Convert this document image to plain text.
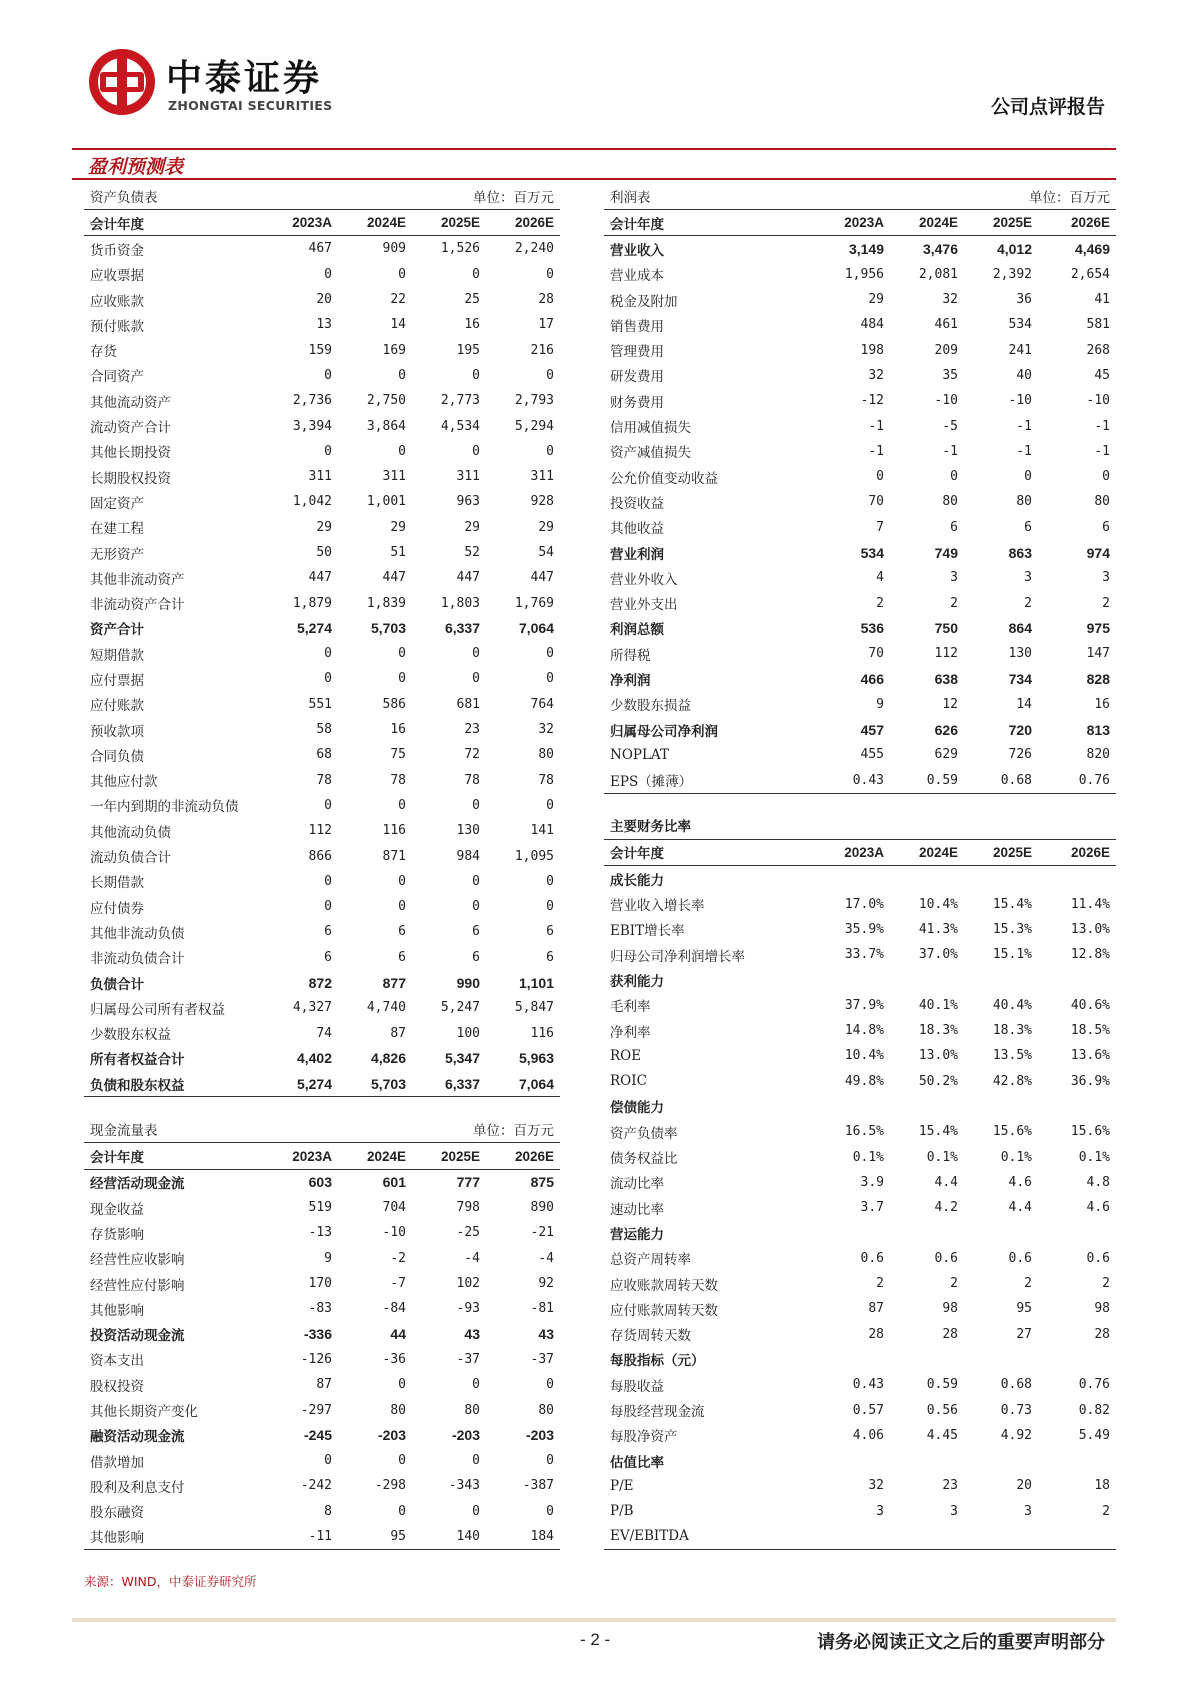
中泰证券
ZHONGTAI SECURITIES	公司点评报告
盈利预测表
资产负债表	单位：百万元			
会计年度	2023A	2024E	2025E	2026E
货币资金	467	909	1,526	2,240
应收票据	0	0	0	0
应收账款	20	22	25	28
预付账款	13	14	16	17
存货	159	169	195	216
合同资产	0	0	0	0
其他流动资产	2,736	2,750	2,773	2,793
流动资产合计	3,394	3,864	4,534	5,294
其他长期投资	0	0	0	0
长期股权投资	311	311	311	311
固定资产	1,042	1,001	963	928
在建工程	29	29	29	29
无形资产	50	51	52	54
其他非流动资产	447	447	447	447
非流动资产合计	1,879	1,839	1,803	1,769
资产合计	5,274	5,703	6,337	7,064
短期借款	0	0	0	0
应付票据	0	0	0	0
应付账款	551	586	681	764
预收款项	58	16	23	32
合同负债	68	75	72	80
其他应付款	78	78	78	78
一年内到期的非流动负债	0	0	0	0
其他流动负债	112	116	130	141
流动负债合计	866	871	984	1,095
长期借款	0	0	0	0
应付债券	0	0	0	0
其他非流动负债	6	6	6	6
非流动负债合计	6	6	6	6
负债合计	872	877	990	1,101
归属母公司所有者权益	4,327	4,740	5,247	5,847
少数股东权益	74	87	100	116
所有者权益合计	4,402	4,826	5,347	5,963
负债和股东权益	5,274	5,703	6,337	7,064

现金流量表	单位：百万元			
会计年度	2023A	2024E	2025E	2026E
经营活动现金流	603	601	777	875
现金收益	519	704	798	890
存货影响	-13	-10	-25	-21
经营性应收影响	9	-2	-4	-4
经营性应付影响	170	-7	102	92
其他影响	-83	-84	-93	-81
投资活动现金流	-336	44	43	43
资本支出	-126	-36	-37	-37
股权投资	87	0	0	0
其他长期资产变化	-297	80	80	80
融资活动现金流	-245	-203	-203	-203
借款增加	0	0	0	0
股利及利息支付	-242	-298	-343	-387
股东融资	8	0	0	0
其他影响	-11	95	140	184
利润表	单位：百万元			
会计年度	2023A	2024E	2025E	2026E
营业收入	3,149	3,476	4,012	4,469
营业成本	1,956	2,081	2,392	2,654
税金及附加	29	32	36	41
销售费用	484	461	534	581
管理费用	198	209	241	268
研发费用	32	35	40	45
财务费用	-12	-10	-10	-10
信用减值损失	-1	-5	-1	-1
资产减值损失	-1	-1	-1	-1
公允价值变动收益	0	0	0	0
投资收益	70	80	80	80
其他收益	7	6	6	6
营业利润	534	749	863	974
营业外收入	4	3	3	3
营业外支出	2	2	2	2
利润总额	536	750	864	975
所得税	70	112	130	147
净利润	466	638	734	828
少数股东损益	9	12	14	16
归属母公司净利润	457	626	720	813
NOPLAT	455	629	726	820
EPS（摊薄）	0.43	0.59	0.68	0.76

主要财务比率				
会计年度	2023A	2024E	2025E	2026E
成长能力				
营业收入增长率	17.0%	10.4%	15.4%	11.4%
EBIT增长率	35.9%	41.3%	15.3%	13.0%
归母公司净利润增长率	33.7%	37.0%	15.1%	12.8%
获利能力				
毛利率	37.9%	40.1%	40.4%	40.6%
净利率	14.8%	18.3%	18.3%	18.5%
ROE	10.4%	13.0%	13.5%	13.6%
ROIC	49.8%	50.2%	42.8%	36.9%
偿债能力				
资产负债率	16.5%	15.4%	15.6%	15.6%
债务权益比	0.1%	0.1%	0.1%	0.1%
流动比率	3.9	4.4	4.6	4.8
速动比率	3.7	4.2	4.4	4.6
营运能力				
总资产周转率	0.6	0.6	0.6	0.6
应收账款周转天数	2	2	2	2
应付账款周转天数	87	98	95	98
存货周转天数	28	28	27	28
每股指标（元）				
每股收益	0.43	0.59	0.68	0.76
每股经营现金流	0.57	0.56	0.73	0.82
每股净资产	4.06	4.45	4.92	5.49
估值比率				
P/E	32	23	20	18
P/B	3	3	3	2
EV/EBITDA				
来源：WIND，中泰证券研究所
- 2 -	请务必阅读正文之后的重要声明部分
